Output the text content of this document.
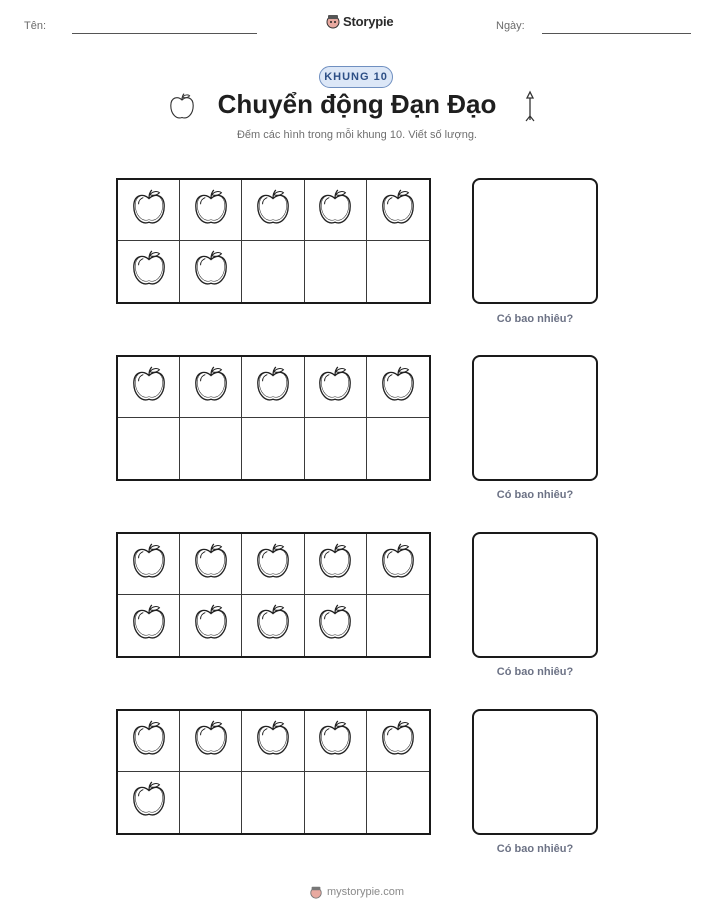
Tên:	Storypie	Ngày:
KHUNG 10
Chuyển động Đạn Đạo
Đếm các hình trong mỗi khung 10. Viết số lượng.
Có bao nhiêu?
Có bao nhiêu?
Có bao nhiêu?
Có bao nhiêu?
mystorypie.com
